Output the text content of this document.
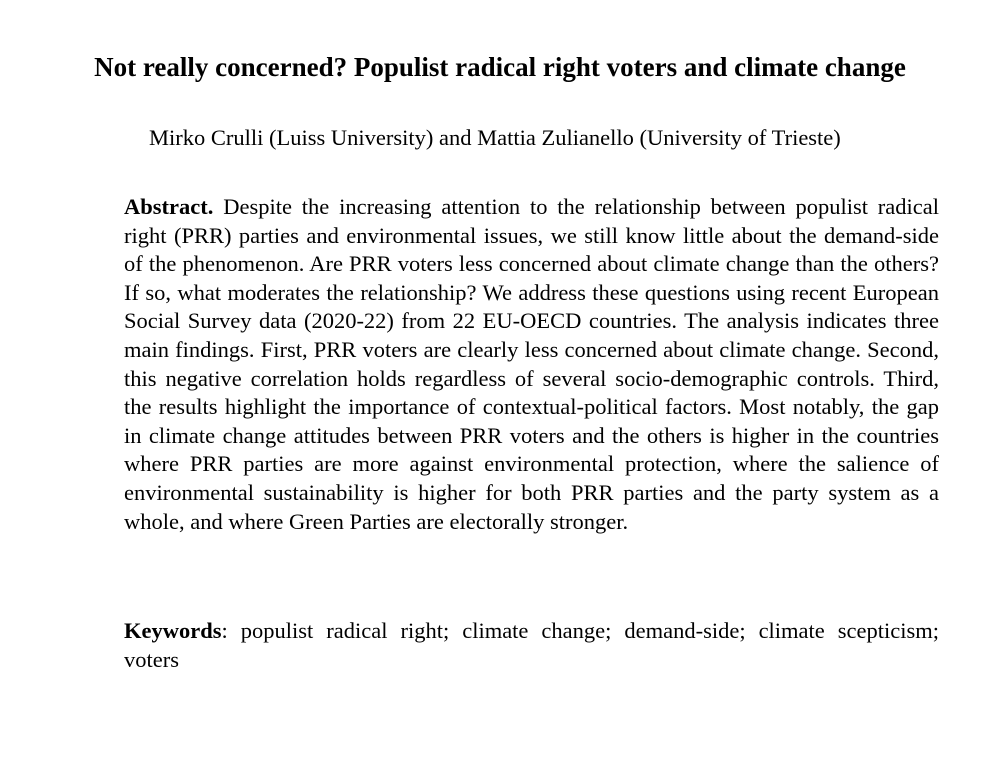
Not really concerned? Populist radical right voters and climate change
Mirko Crulli (Luiss University) and Mattia Zulianello (University of Trieste)

Abstract. Despite the increasing attention to the relationship between populist radical right (PRR) parties and environmental issues, we still know little about the demand-side of the phenomenon. Are PRR voters less concerned about climate change than the others? If so, what moderates the relationship? We address these questions using recent European Social Survey data (2020-22) from 22 EU-OECD countries. The analysis indicates three main findings. First, PRR voters are clearly less concerned about climate change. Second, this negative correlation holds regardless of several socio-demographic controls. Third, the results highlight the importance of contextual-political factors. Most notably, the gap in climate change attitudes between PRR voters and the others is higher in the countries where PRR parties are more against environmental protection, where the salience of environmental sustainability is higher for both PRR parties and the party system as a whole, and where Green Parties are electorally stronger.

Keywords: populist radical right; climate change; demand-side; climate scepticism; voters
